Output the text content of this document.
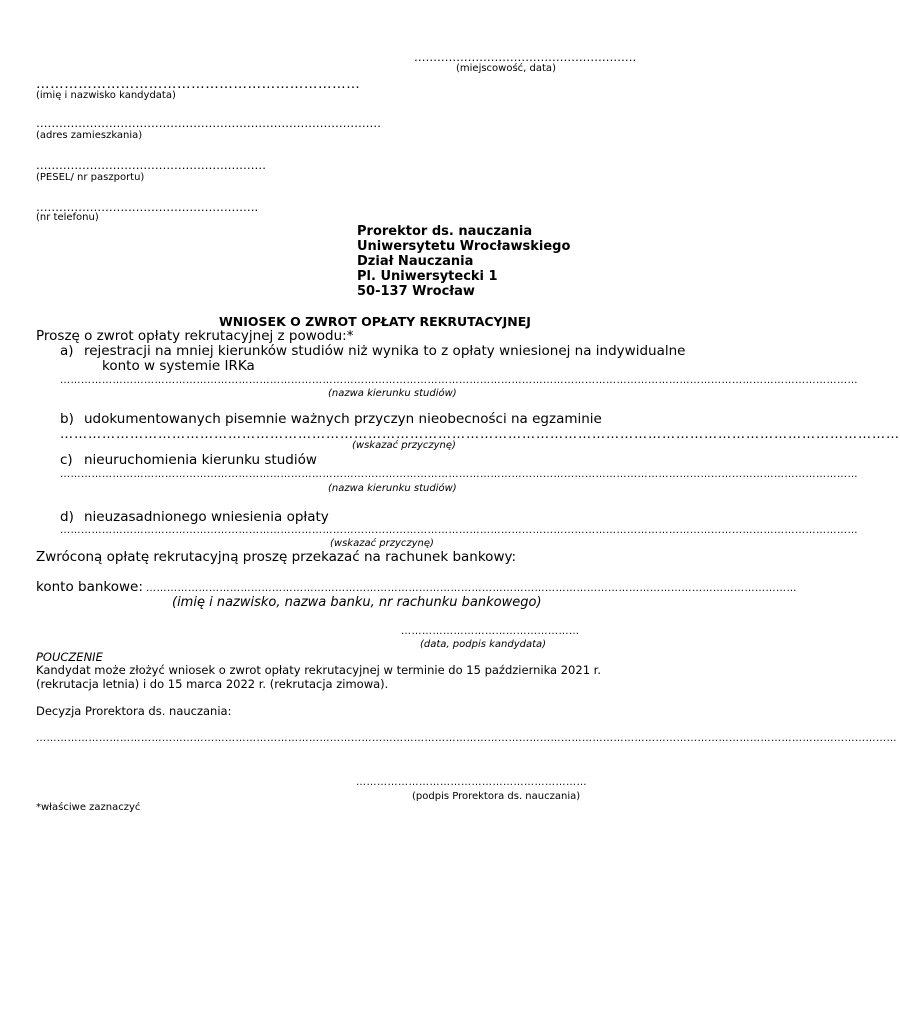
………………………………………………….
(miejscowość, data)
……………………………………………………………
(imię i nazwisko kandydata)
………………………………………………………………………………
(adres zamieszkania)
……………………………………………………
(PESEL/ nr paszportu)
………………………………………………….
(nr telefonu)
Prorektor ds. nauczania
Uniwersytetu Wrocławskiego
Dział Nauczania
Pl. Uniwersytecki 1
50-137 Wrocław
WNIOSEK O ZWROT OPŁATY REKRUTACYJNEJ
Proszę o zwrot opłaty rekrutacyjnej z powodu:*
a) rejestracji na mniej kierunków studiów niż wynika to z opłaty wniesionej na indywidualne
konto w systemie IRKa
…………………………………………………………………………………………………………………………………………………………………………………………………………
(nazwa kierunku studiów)
b) udokumentowanych pisemnie ważnych przyczyn nieobecności na egzaminie
………………………………………………………………………………………………………………………………………………………………
(wskazać przyczynę)
c) nieuruchomienia kierunku studiów
…………………………………………………………………………………………………………………………………………………………………………………………………………
(nazwa kierunku studiów)
d) nieuzasadnionego wniesienia opłaty
…………………………………………………………………………………………………………………………………………………………………………………………………………
(wskazać przyczynę)
Zwróconą opłatę rekrutacyjną proszę przekazać na rachunek bankowy:
konto bankowe: ……………………………………………………………………………………………………………………………………………………………………
(imię i nazwisko, nazwa banku, nr rachunku bankowego)
……………………………………………
(data, podpis kandydata)
POUCZENIE
Kandydat może złożyć wniosek o zwrot opłaty rekrutacyjnej w terminie do 15 października 2021 r.
(rekrutacja letnia) i do 15 marca 2022 r. (rekrutacja zimowa).
Decyzja Prorektora ds. nauczania:
…………………………………………………………………………………………………………………………………………………………………………………………………………………………
…………………………………………………………
(podpis Prorektora ds. nauczania)
*właściwe zaznaczyć
